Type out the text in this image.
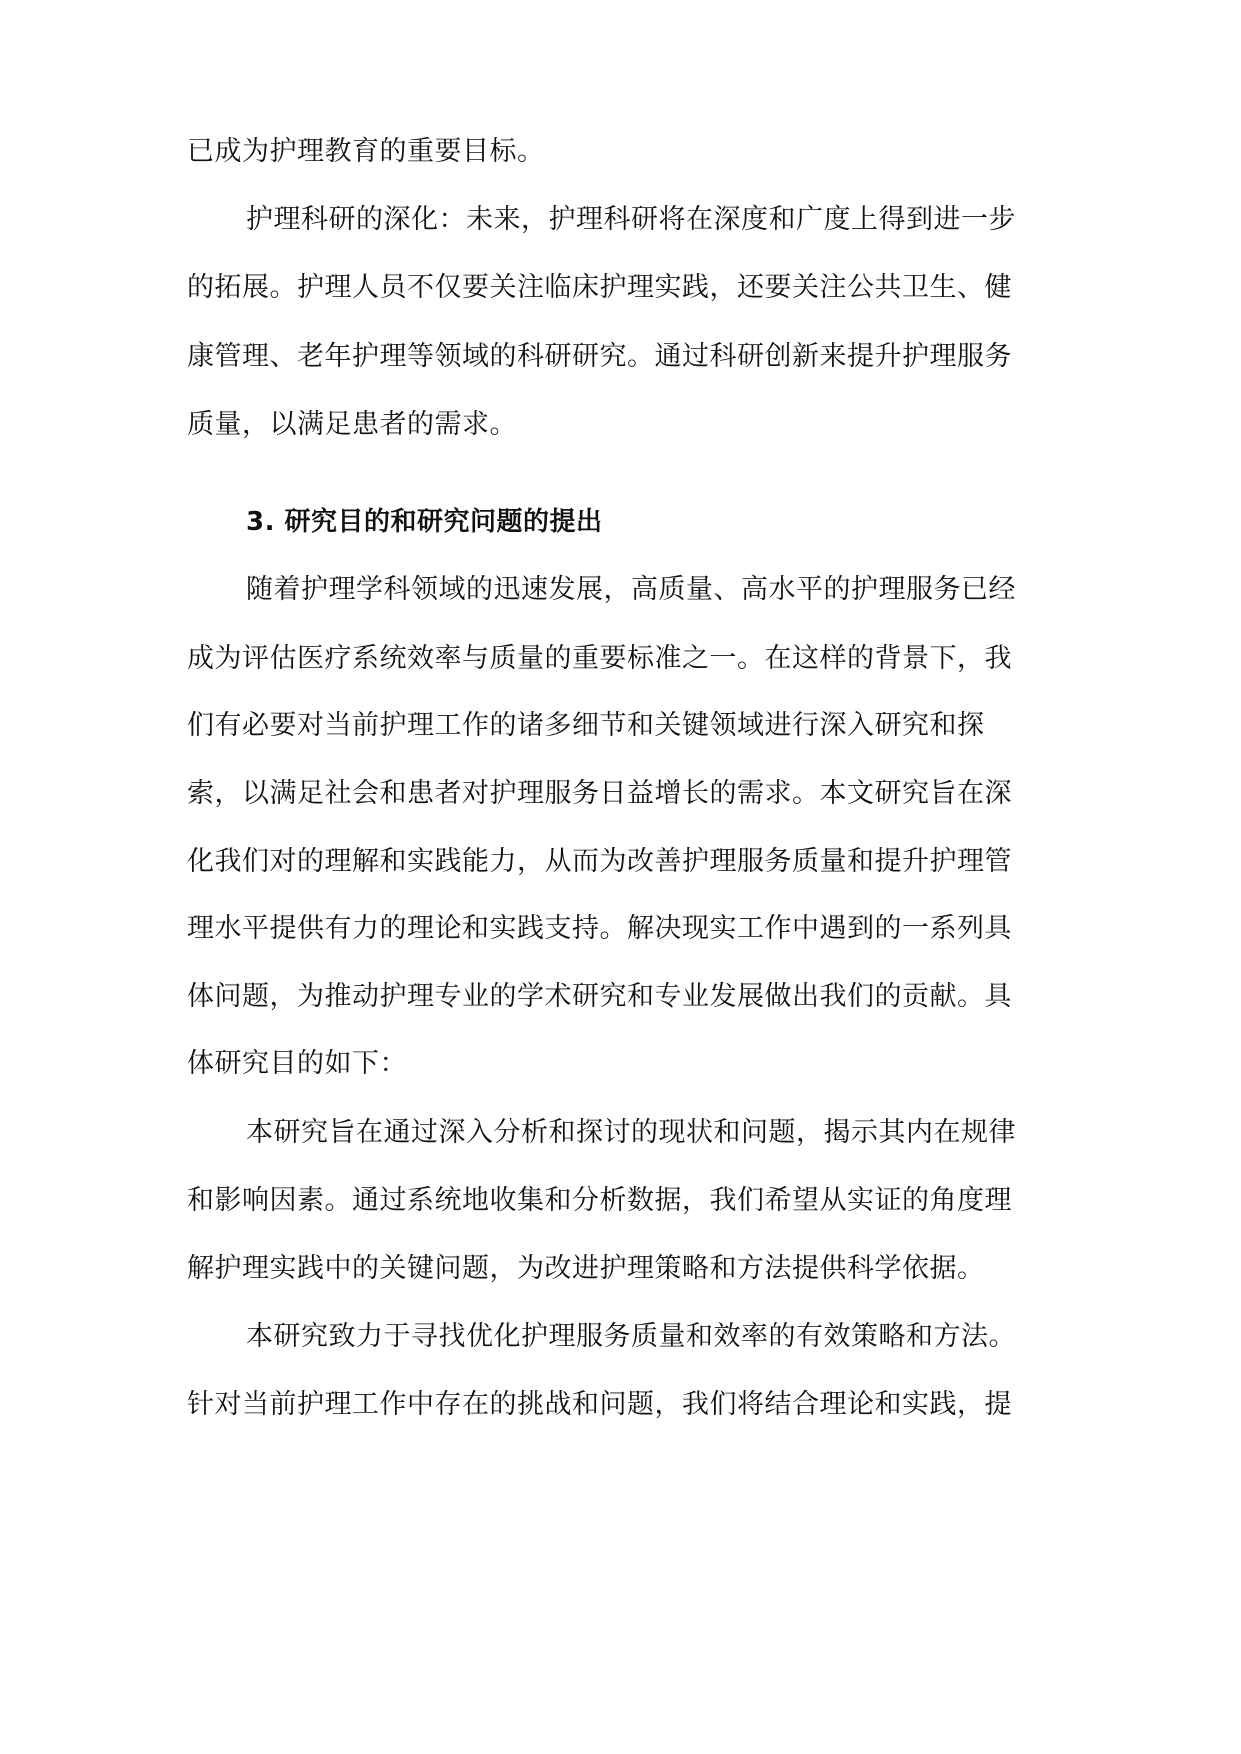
已成为护理教育的重要目标。
护理科研的深化：未来，护理科研将在深度和广度上得到进一步
的拓展。护理人员不仅要关注临床护理实践，还要关注公共卫生、健
康管理、老年护理等领域的科研研究。通过科研创新来提升护理服务
质量，以满足患者的需求。
3. 研究目的和研究问题的提出
随着护理学科领域的迅速发展，高质量、高水平的护理服务已经
成为评估医疗系统效率与质量的重要标准之一。在这样的背景下，我
们有必要对当前护理工作的诸多细节和关键领域进行深入研究和探
索，以满足社会和患者对护理服务日益增长的需求。本文研究旨在深
化我们对的理解和实践能力，从而为改善护理服务质量和提升护理管
理水平提供有力的理论和实践支持。解决现实工作中遇到的一系列具
体问题，为推动护理专业的学术研究和专业发展做出我们的贡献。具
体研究目的如下：
本研究旨在通过深入分析和探讨的现状和问题，揭示其内在规律
和影响因素。通过系统地收集和分析数据，我们希望从实证的角度理
解护理实践中的关键问题，为改进护理策略和方法提供科学依据。
本研究致力于寻找优化护理服务质量和效率的有效策略和方法。
针对当前护理工作中存在的挑战和问题，我们将结合理论和实践，提
